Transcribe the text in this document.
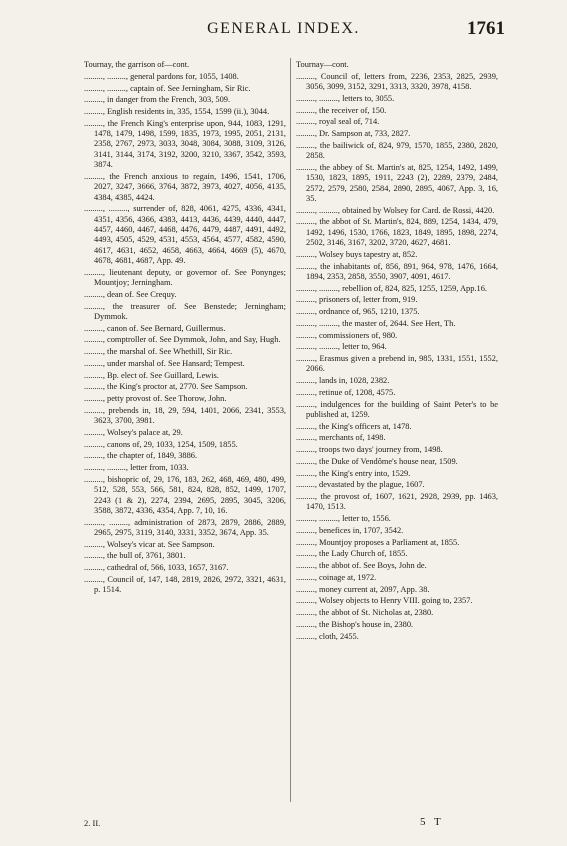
GENERAL INDEX.	1761
Tournay, the garrison of—cont.
........., ........., general pardons for, 1055, 1408.
........., ........., captain of. See Jerningham, Sir Ric.
........., in danger from the French, 303, 509.
........., English residents in, 335, 1554, 1599 (ii.), 3044.
........., the French King's enterprise upon, 944, 1083, 1291, 1478, 1479, 1498, 1599, 1835, 1973, 1995, 2051, 2131, 2358, 2767, 2973, 3033, 3048, 3084, 3088, 3109, 3126, 3141, 3144, 3174, 3192, 3200, 3210, 3367, 3542, 3593, 3874.
........., the French anxious to regain, 1496, 1541, 1706, 2027, 3247, 3666, 3764, 3872, 3973, 4027, 4056, 4135, 4384, 4385, 4424.
........., ........., surrender of, 828, 4061, 4275, 4336, 4341, 4351, 4356, 4366, 4383, 4413, 4436, 4439, 4440, 4447, 4457, 4460, 4467, 4468, 4476, 4479, 4487, 4491, 4492, 4493, 4505, 4529, 4531, 4553, 4564, 4577, 4582, 4590, 4617, 4631, 4652, 4658, 4663, 4664, 4669 (5), 4670, 4678, 4681, 4687, App. 49.
........., lieutenant deputy, or governor of. See Ponynges; Mountjoy; Jerningham.
........., dean of. See Crequy.
........., the treasurer of. See Benstede; Jerningham; Dymmok.
........., canon of. See Bernard, Guillermus.
........., comptroller of. See Dymmok, John, and Say, Hugh.
........., the marshal of. See Whethill, Sir Ric.
........., under marshal of. See Hansard; Tempest.
........., Bp. elect of. See Guillard, Lewis.
........., the King's proctor at, 2770. See Sampson.
........., petty provost of. See Thorow, John.
........., prebends in, 18, 29, 594, 1401, 2066, 2341, 3553, 3623, 3700, 3981.
........., Wolsey's palace at, 29.
........., canons of, 29, 1033, 1254, 1509, 1855.
........., the chapter of, 1849, 3886.
........., ........., letter from, 1033.
........., bishopric of, 29, 176, 183, 262, 468, 469, 480, 499, 512, 528, 553, 566, 581, 824, 828, 852, 1499, 1707, 2243 (1 & 2), 2274, 2394, 2695, 2895, 3045, 3206, 3588, 3872, 4336, 4354, App. 7, 10, 16.
........., ........., administration of 2873, 2879, 2886, 2889, 2965, 2975, 3119, 3140, 3331, 3352, 3674, App. 35.
........., Wolsey's vicar at. See Sampson.
........., the bull of, 3761, 3801.
........., cathedral of, 566, 1033, 1657, 3167.
........., Council of, 147, 148, 2819, 2826, 2972, 3321, 4631, p. 1514.
Tournay—cont.
........., Council of, letters from, 2236, 2353, 2825, 2939, 3056, 3099, 3152, 3291, 3313, 3320, 3978, 4158.
........., ........., letters to, 3055.
........., the receiver of, 150.
........., royal seal of, 714.
........., Dr. Sampson at, 733, 2827.
........., the bailiwick of, 824, 979, 1570, 1855, 2380, 2820, 2858.
........., the abbey of St. Martin's at, 825, 1254, 1492, 1499, 1530, 1823, 1895, 1911, 2243 (2), 2289, 2379, 2484, 2572, 2579, 2580, 2584, 2890, 2895, 4067, App. 3, 16, 35.
........., ........., obtained by Wolsey for Card. de Rossi, 4420.
........., the abbot of St. Martin's, 824, 889, 1254, 1434, 479, 1492, 1496, 1530, 1766, 1823, 1849, 1895, 1898, 2274, 2502, 3146, 3167, 3202, 3720, 4627, 4681.
........., Wolsey buys tapestry at, 852.
........., the inhabitants of, 856, 891, 964, 978, 1476, 1664, 1894, 2353, 2858, 3550, 3907, 4091, 4617.
........., ........., rebellion of, 824, 825, 1255, 1259, App.16.
........., prisoners of, letter from, 919.
........., ordnance of, 965, 1210, 1375.
........., ........., the master of, 2644. See Hert, Th.
........., commissioners of, 980.
........., ........., letter to, 964.
........., Erasmus given a prebend in, 985, 1331, 1551, 1552, 2066.
........., lands in, 1028, 2382.
........., retinue of, 1208, 4575.
........., indulgences for the building of Saint Peter's to be published at, 1259.
........., the King's officers at, 1478.
........., merchants of, 1498.
........., troops two days' journey from, 1498.
........., the Duke of Vendôme's house near, 1509.
........., the King's entry into, 1529.
........., devastated by the plague, 1607.
........., the provost of, 1607, 1621, 2928, 2939, pp. 1463, 1470, 1513.
........., ........., letter to, 1556.
........., benefices in, 1707, 3542.
........., Mountjoy proposes a Parliament at, 1855.
........., the Lady Church of, 1855.
........., the abbot of. See Boys, John de.
........., coinage at, 1972.
........., money current at, 2097, App. 38.
........., Wolsey objects to Henry VIII. going to, 2357.
........., the abbot of St. Nicholas at, 2380.
........., the Bishop's house in, 2380.
........., cloth, 2455.
2. II.	5 T
